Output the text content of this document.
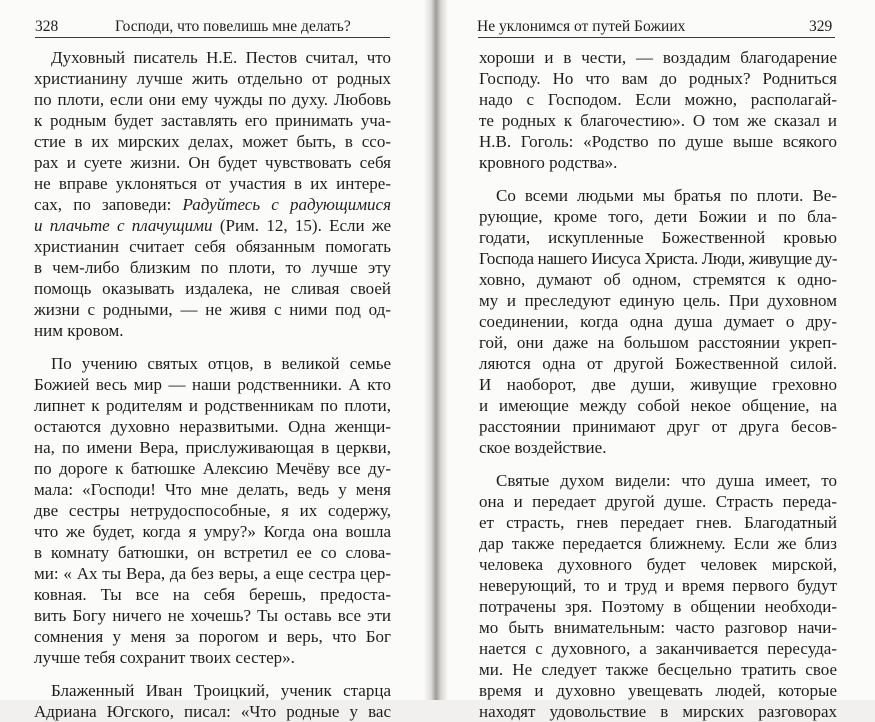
328	Господи, что повелишь мне делать?
Духовный писатель Н.Е. Пестов считал, что
христианину лучше жить отдельно от родных
по плоти, если они ему чужды по духу. Любовь
к родным будет заставлять его принимать уча-
стие в их мирских делах, может быть, в ссо-
рах и суете жизни. Он будет чувствовать себя
не вправе уклоняться от участия в их интере-
сах, по заповеди: Радуйтесь с радующимися
и плачьте с плачущими (Рим. 12, 15). Если же
христианин считает себя обязанным помогать
в чем-либо близким по плоти, то лучше эту
помощь оказывать издалека, не сливая своей
жизни с родными, — не живя с ними под од-
ним кровом.
По учению святых отцов, в великой семье
Божией весь мир — наши родственники. А кто
липнет к родителям и родственникам по плоти,
остаются духовно неразвитыми. Одна женщи-
на, по имени Вера, прислуживающая в церкви,
по дороге к батюшке Алексию Мечёву все ду-
мала: «Господи! Что мне делать, ведь у меня
две сестры нетрудоспособные, я их содержу,
что же будет, когда я умру?» Когда она вошла
в комнату батюшки, он встретил ее со слова-
ми: « Ах ты Вера, да без веры, а еще сестра цер-
ковная. Ты все на себя берешь, предоста-
вить Богу ничего не хочешь? Ты оставь все эти
сомнения у меня за порогом и верь, что Бог
лучше тебя сохранит твоих сестер».
Блаженный Иван Троицкий, ученик старца
Адриана Югского, писал: «Что родные у вас
Не уклонимся от путей Божиих	329
хороши и в чести, — воздадим благодарение
Господу. Но что вам до родных? Родниться
надо с Господом. Если можно, располагай-
те родных к благочестию». О том же сказал и
Н.В. Гоголь: «Родство по душе выше всякого
кровного родства».
Со всеми людьми мы братья по плоти. Ве-
рующие, кроме того, дети Божии и по бла-
годати, искупленные Божественной кровью
Господа нашего Иисуса Христа. Люди, живущие ду-
ховно, думают об одном, стремятся к одно-
му и преследуют единую цель. При духовном
соединении, когда одна душа думает о дру-
гой, они даже на большом расстоянии укреп-
ляются одна от другой Божественной силой.
И наоборот, две души, живущие греховно
и имеющие между собой некое общение, на
расстоянии принимают друг от друга бесов-
ское воздействие.
Святые духом видели: что душа имеет, то
она и передает другой душе. Страсть переда-
ет страсть, гнев передает гнев. Благодатный
дар также передается ближнему. Если же близ
человека духовного будет человек мирской,
неверующий, то и труд и время первого будут
потрачены зря. Поэтому в общении необходи-
мо быть внимательным: часто разговор начи-
нается с духовного, а заканчивается пересуда-
ми. Не следует также бесцельно тратить свое
время и духовно увещевать людей, которые
находят удовольствие в мирских разговорах
